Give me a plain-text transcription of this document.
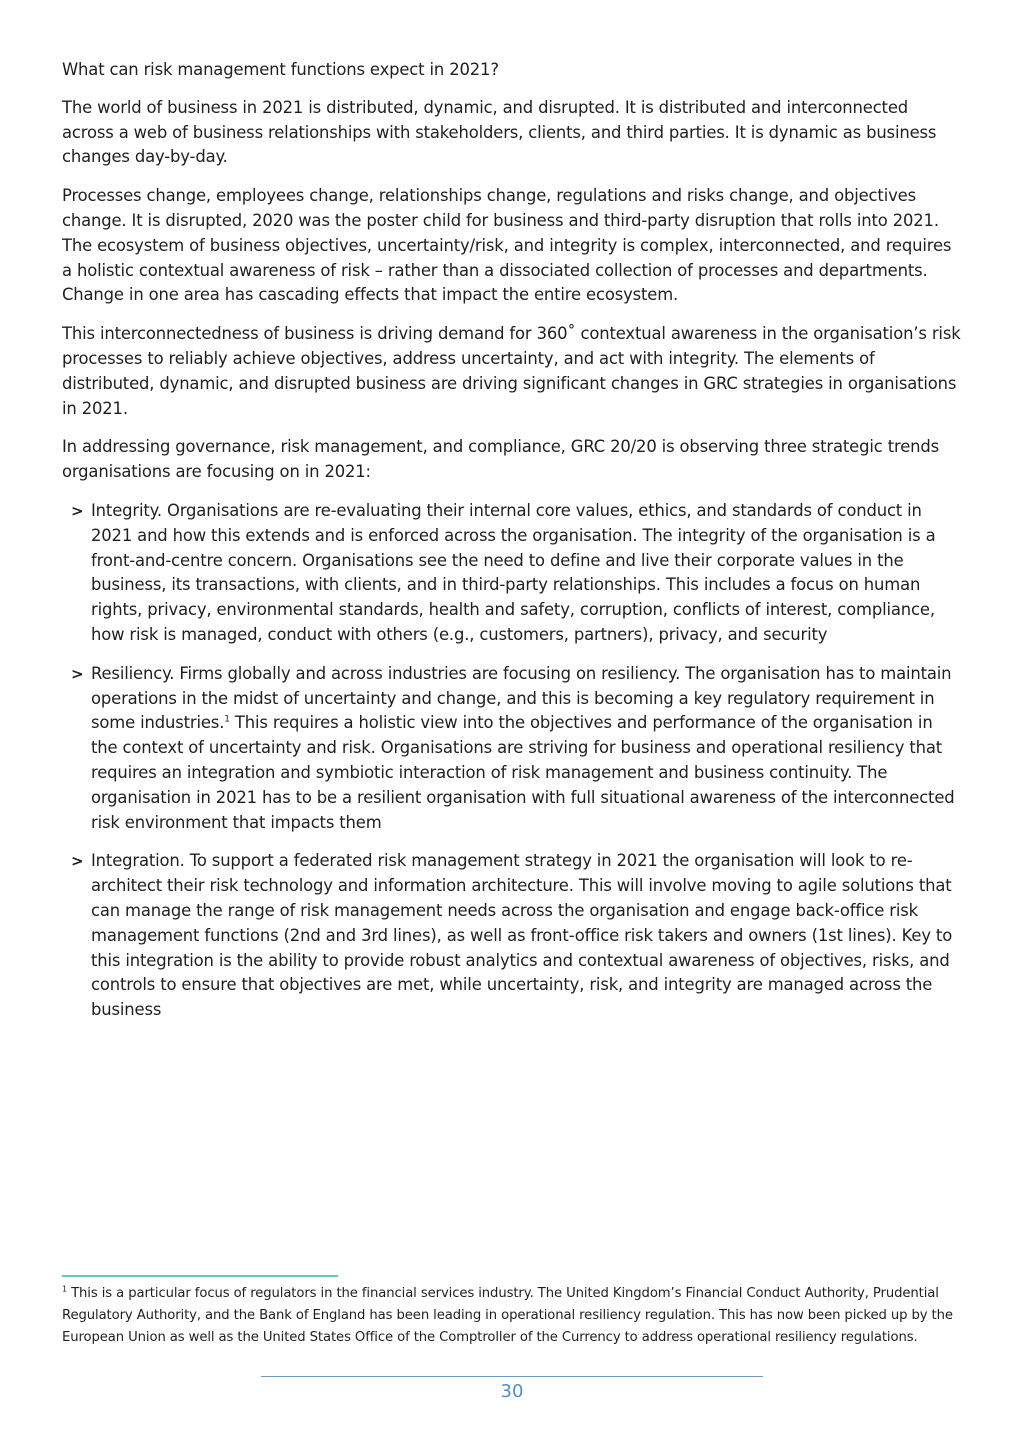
What can risk management functions expect in 2021?

The world of business in 2021 is distributed, dynamic, and disrupted. It is distributed and interconnected across a web of business relationships with stakeholders, clients, and third parties. It is dynamic as business changes day-by-day.

Processes change, employees change, relationships change, regulations and risks change, and objectives change. It is disrupted, 2020 was the poster child for business and third-party disruption that rolls into 2021. The ecosystem of business objectives, uncertainty/risk, and integrity is complex, interconnected, and requires a holistic contextual awareness of risk – rather than a dissociated collection of processes and departments. Change in one area has cascading effects that impact the entire ecosystem.

This interconnectedness of business is driving demand for 360˚ contextual awareness in the organisation’s risk processes to reliably achieve objectives, address uncertainty, and act with integrity. The elements of distributed, dynamic, and disrupted business are driving significant changes in GRC strategies in organisations in 2021.

In addressing governance, risk management, and compliance, GRC 20/20 is observing three strategic trends organisations are focusing on in 2021:

> Integrity. Organisations are re-evaluating their internal core values, ethics, and standards of conduct in 2021 and how this extends and is enforced across the organisation. The integrity of the organisation is a front-and-centre concern. Organisations see the need to define and live their corporate values in the business, its transactions, with clients, and in third-party relationships. This includes a focus on human rights, privacy, environmental standards, health and safety, corruption, conflicts of interest, compliance, how risk is managed, conduct with others (e.g., customers, partners), privacy, and security
> Resiliency. Firms globally and across industries are focusing on resiliency. The organisation has to maintain operations in the midst of uncertainty and change, and this is becoming a key regulatory requirement in some industries.$^1$ This requires a holistic view into the objectives and performance of the organisation in the context of uncertainty and risk. Organisations are striving for business and operational resiliency that requires an integration and symbiotic interaction of risk management and business continuity. The organisation in 2021 has to be a resilient organisation with full situational awareness of the interconnected risk environment that impacts them
> Integration. To support a federated risk management strategy in 2021 the organisation will look to re-architect their risk technology and information architecture. This will involve moving to agile solutions that can manage the range of risk management needs across the organisation and engage back-office risk management functions (2nd and 3rd lines), as well as front-office risk takers and owners (1st lines). Key to this integration is the ability to provide robust analytics and contextual awareness of objectives, risks, and controls to ensure that objectives are met, while uncertainty, risk, and integrity are managed across the business
$^1$ This is a particular focus of regulators in the financial services industry. The United Kingdom’s Financial Conduct Authority, Prudential Regulatory Authority, and the Bank of England has been leading in operational resiliency regulation. This has now been picked up by the European Union as well as the United States Office of the Comptroller of the Currency to address operational resiliency regulations.
30
